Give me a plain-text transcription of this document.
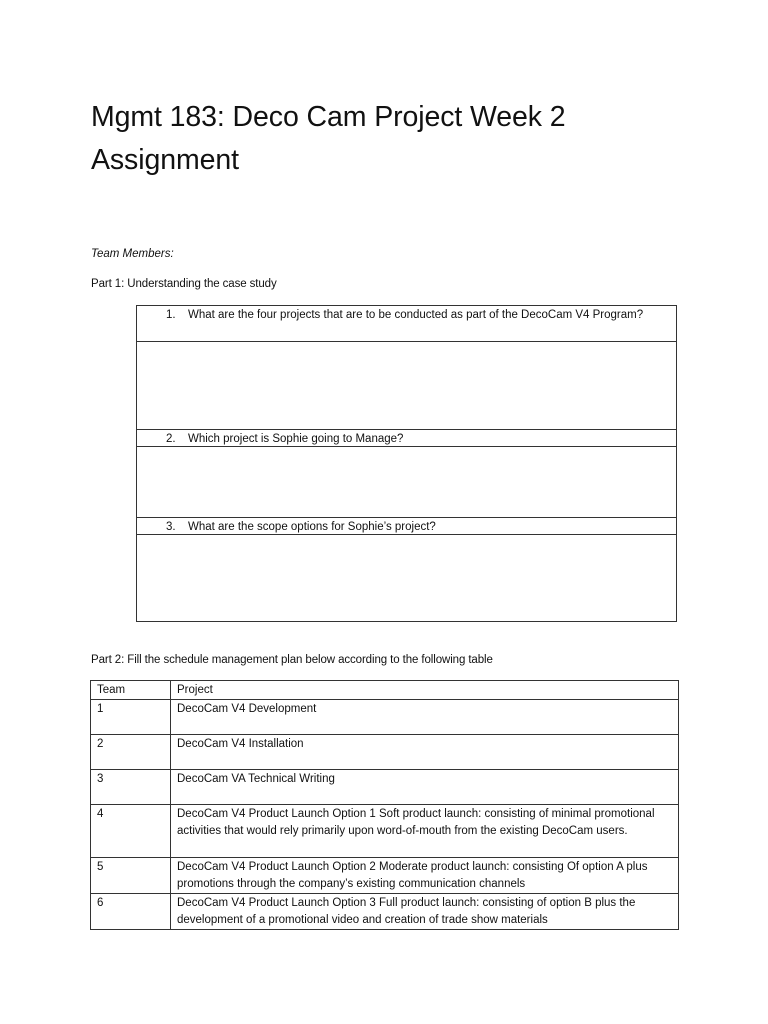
Mgmt 183: Deco Cam Project Week 2 Assignment

Team Members:

Part 1: Understanding the case study

1. What are the four projects that are to be conducted as part of the DecoCam V4 Program?
2. Which project is Sophie going to Manage?
3. What are the scope options for Sophie’s project?

Part 2: Fill the schedule management plan below according to the following table

Team	Project
1	DecoCam V4 Development
2	DecoCam V4 Installation
3	DecoCam VA Technical Writing
4	DecoCam V4 Product Launch Option 1 Soft product launch: consisting of minimal promotional activities that would rely primarily upon word-of-mouth from the existing DecoCam users.
5	DecoCam V4 Product Launch Option 2 Moderate product launch: consisting Of option A plus promotions through the company’s existing communication channels
6	DecoCam V4 Product Launch Option 3 Full product launch: consisting of option B plus the development of a promotional video and creation of trade show materials
